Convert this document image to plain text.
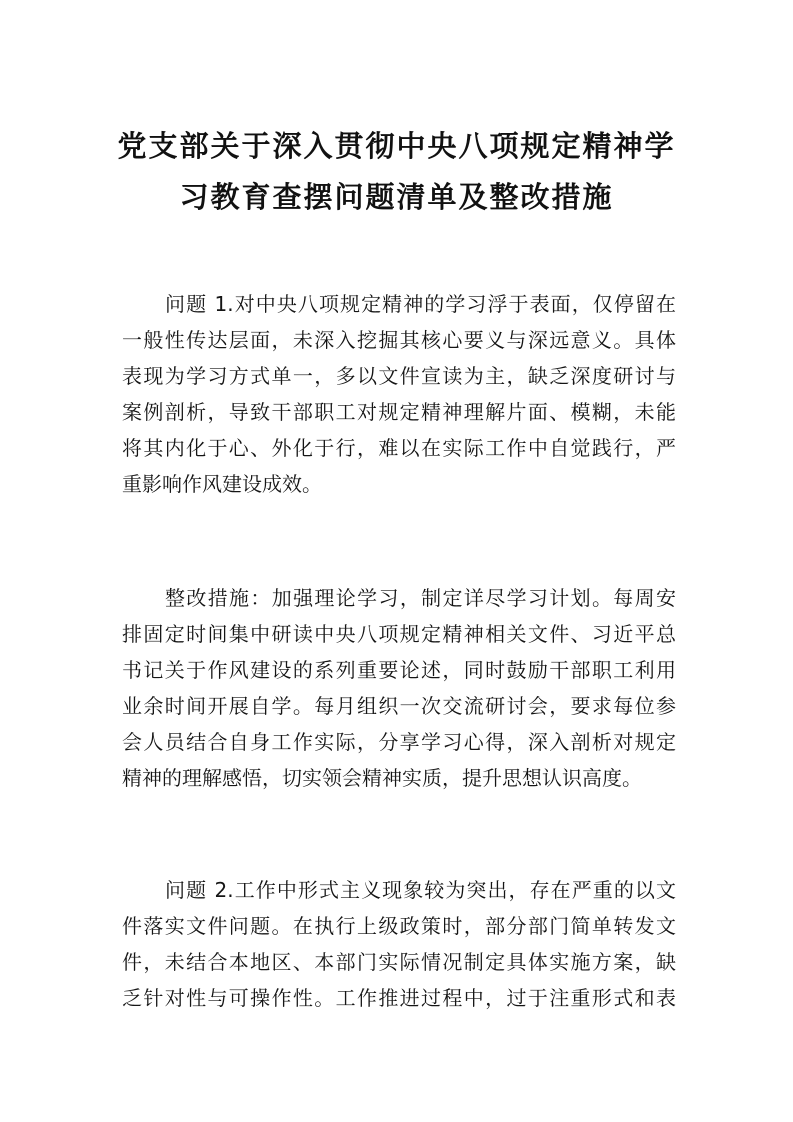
党支部关于深入贯彻中央八项规定精神学
习教育查摆问题清单及整改措施
问题 1.对中央八项规定精神的学习浮于表面，仅停留在
一般性传达层面，未深入挖掘其核心要义与深远意义。具体
表现为学习方式单一，多以文件宣读为主，缺乏深度研讨与
案例剖析，导致干部职工对规定精神理解片面、模糊，未能
将其内化于心、外化于行，难以在实际工作中自觉践行，严
重影响作风建设成效。
整改措施：加强理论学习，制定详尽学习计划。每周安
排固定时间集中研读中央八项规定精神相关文件、习近平总
书记关于作风建设的系列重要论述，同时鼓励干部职工利用
业余时间开展自学。每月组织一次交流研讨会，要求每位参
会人员结合自身工作实际，分享学习心得，深入剖析对规定
精神的理解感悟，切实领会精神实质，提升思想认识高度。
问题 2.工作中形式主义现象较为突出，存在严重的以文
件落实文件问题。在执行上级政策时，部分部门简单转发文
件，未结合本地区、本部门实际情况制定具体实施方案，缺
乏针对性与可操作性。工作推进过程中，过于注重形式和表
